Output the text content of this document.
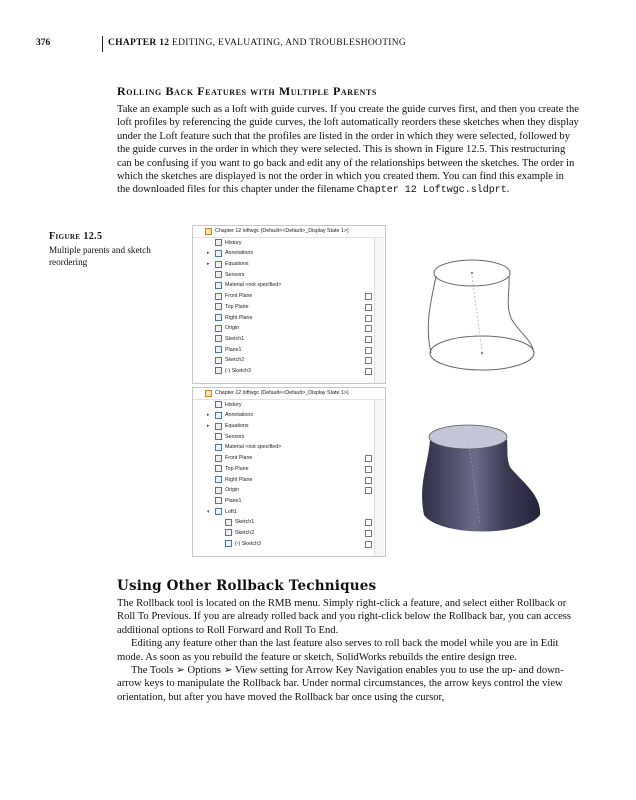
376	CHAPTER 12 EDITING, EVALUATING, AND TROUBLESHOOTING
Rolling Back Features with Multiple Parents
Take an example such as a loft with guide curves. If you create the guide curves first, and then you create the loft profiles by referencing the guide curves, the loft automatically reorders these sketches when they display under the Loft feature such that the profiles are listed in the order in which they were selected, followed by the guide curves in the order in which they were selected. This is shown in Figure 12.5. This restructuring can be confusing if you want to go back and edit any of the relationships between the sketches. The order in which the sketches are displayed is not the order in which you created them. You can find this example in the downloaded files for this chapter under the filename Chapter 12 Loftwgc.sldprt.
Figure 12.5
Multiple parents and sketch reordering
Chapter 12 loftwgc (Default<<Default>_Display State 1>)
History
▸	Annotations
▸	Equations
Sensors
Material <not specified>
Front Plane
Top Plane
Right Plane
Origin
Sketch1
Plane1
Sketch2
(-) Sketch3
Chapter 12 loftwgc (Default<<Default>_Display State 1>)
History
▸	Annotations
▸	Equations
Sensors
Material <not specified>
Front Plane
Top Plane
Right Plane
Origin
Plane1
▾	Loft1
Sketch1
Sketch2
(-) Sketch3
Using Other Rollback Techniques
The Rollback tool is located on the RMB menu. Simply right-click a feature, and select either Rollback or Roll To Previous. If you are already rolled back and you right-click below the Rollback bar, you can access additional options to Roll Forward and Roll To End.
Editing any feature other than the last feature also serves to roll back the model while you are in Edit mode. As soon as you rebuild the feature or sketch, SolidWorks rebuilds the entire design tree.
The Tools ➢ Options ➢ View setting for Arrow Key Navigation enables you to use the up- and down-arrow keys to manipulate the Rollback bar. Under normal circumstances, the arrow keys control the view orientation, but after you have moved the Rollback bar once using the cursor,
